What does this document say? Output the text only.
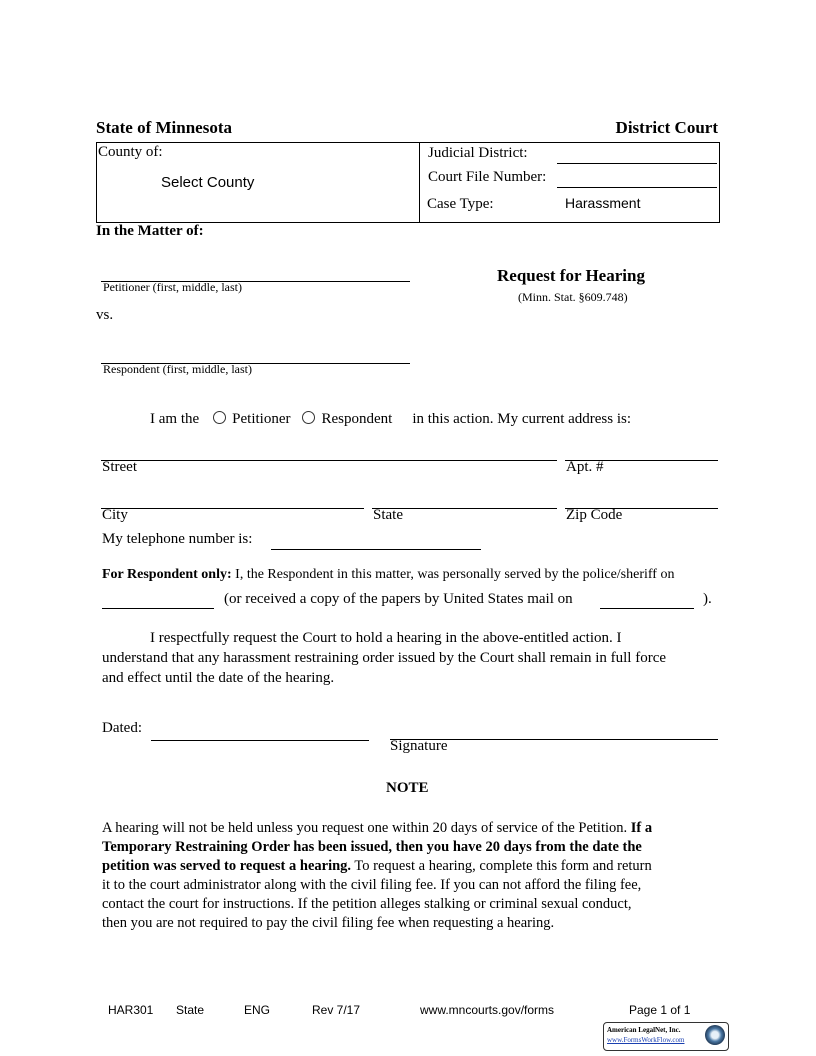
State of Minnesota	District Court
County of:
Select County
Judicial District:
Court File Number:
Case Type:	Harassment
In the Matter of:
Petitioner (first, middle, last)
vs.
Respondent (first, middle, last)
Request for Hearing
(Minn. Stat. §609.748)
I am the Petitioner Respondent in this action. My current address is:
Street	Apt. #
City	State	Zip Code
My telephone number is:
For Respondent only: I, the Respondent in this matter, was personally served by the police/sheriff on
(or received a copy of the papers by United States mail on	).

I respectfully request the Court to hold a hearing in the above-entitled action. I

understand that any harassment restraining order issued by the Court shall remain in full force

and effect until the date of the hearing.

Dated:
Signature
NOTE
A hearing will not be held unless you request one within 20 days of service of the Petition. If a
Temporary Restraining Order has been issued, then you have 20 days from the date the
petition was served to request a hearing. To request a hearing, complete this form and return
it to the court administrator along with the civil filing fee. If you can not afford the filing fee,
contact the court for instructions. If the petition alleges stalking or criminal sexual conduct,
then you are not required to pay the civil filing fee when requesting a hearing.
HAR301 State	ENG	Rev 7/17	www.mncourts.gov/forms	Page 1 of 1
American LegalNet, Inc.
www.FormsWorkFlow.com
